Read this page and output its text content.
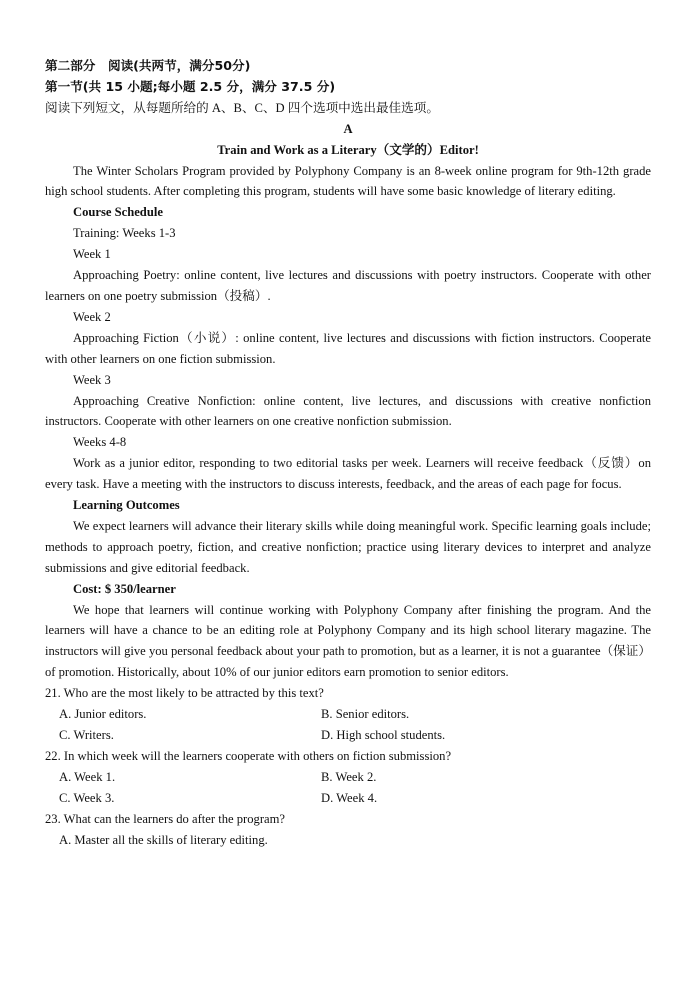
第二部分　阅读(共两节，满分50分)
第一节(共 15 小题;每小题 2.5 分，满分 37.5 分)
阅读下列短文，从每题所给的 A、B、C、D 四个选项中选出最佳选项。
A
Train and Work as a Literary（文学的）Editor!
The Winter Scholars Program provided by Polyphony Company is an 8-week online program for 9th-12th grade high school students. After completing this program, students will have some basic knowledge of literary editing.
Course Schedule
Training: Weeks 1-3
Week 1
Approaching Poetry: online content, live lectures and discussions with poetry instructors. Cooperate with other learners on one poetry submission（投稿）.
Week 2
Approaching Fiction（小说）: online content, live lectures and discussions with fiction instructors. Cooperate with other learners on one fiction submission.
Week 3
Approaching Creative Nonfiction: online content, live lectures, and discussions with creative nonfiction instructors. Cooperate with other learners on one creative nonfiction submission.
Weeks 4-8
Work as a junior editor, responding to two editorial tasks per week. Learners will receive feedback（反馈）on every task. Have a meeting with the instructors to discuss interests, feedback, and the areas of each page for focus.
Learning Outcomes
We expect learners will advance their literary skills while doing meaningful work. Specific learning goals include; methods to approach poetry, fiction, and creative nonfiction; practice using literary devices to interpret and analyze submissions and give editorial feedback.
Cost: $ 350/learner
We hope that learners will continue working with Polyphony Company after finishing the program. And the learners will have a chance to be an editing role at Polyphony Company and its high school literary magazine. The instructors will give you personal feedback about your path to promotion, but as a learner, it is not a guarantee（保证）of promotion. Historically, about 10% of our junior editors earn promotion to senior editors.
21. Who are the most likely to be attracted by this text?
A. Junior editors.	B. Senior editors.
C. Writers.	D. High school students.
22. In which week will the learners cooperate with others on fiction submission?
A. Week 1.	B. Week 2.
C. Week 3.	D. Week 4.
23. What can the learners do after the program?
A. Master all the skills of literary editing.
